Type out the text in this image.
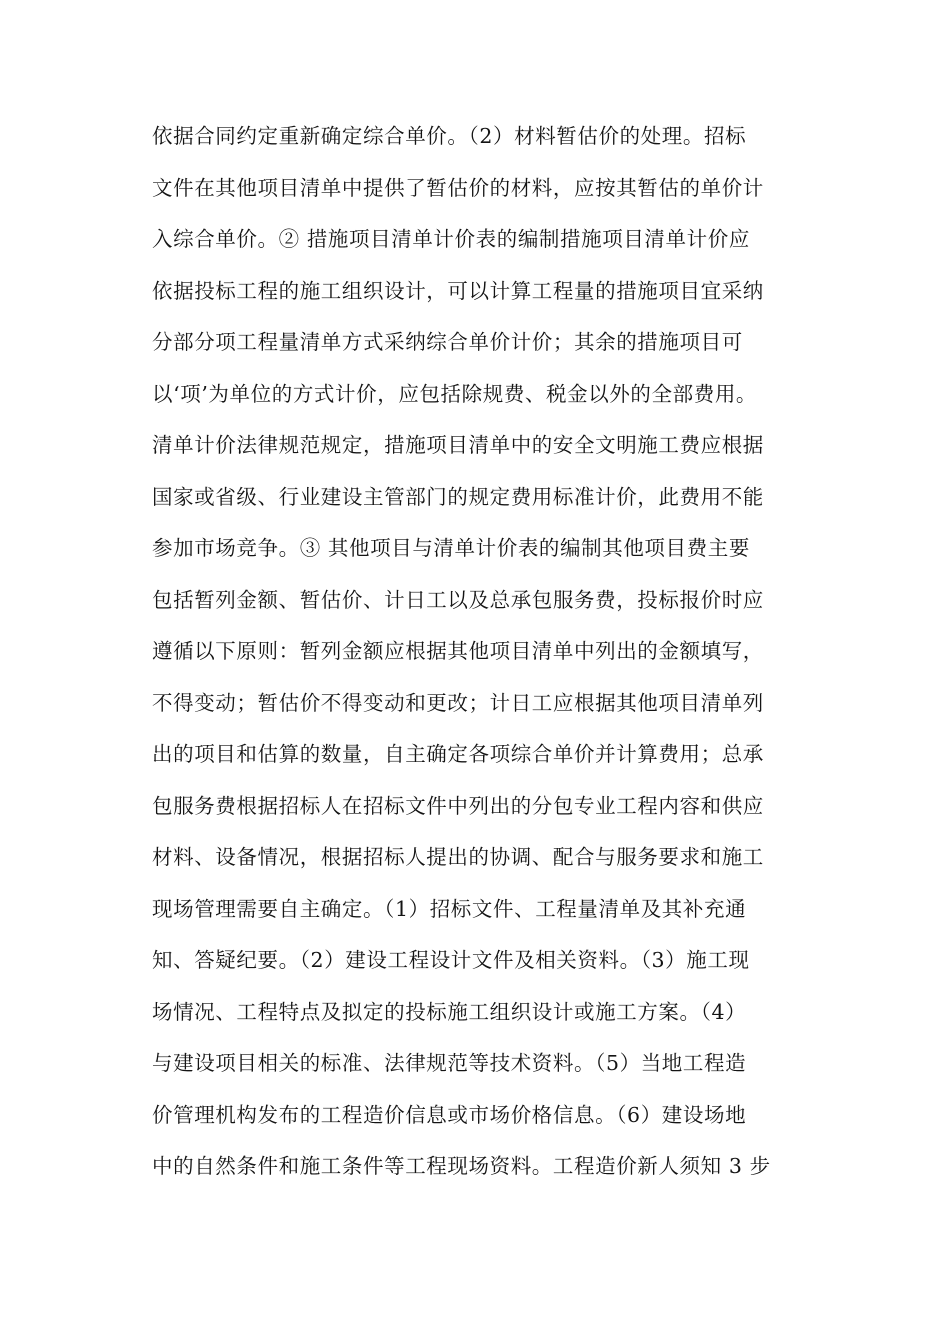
依据合同约定重新确定综合单价。（2）材料暂估价的处理。招标
文件在其他项目清单中提供了暂估价的材料，应按其暂估的单价计
入综合单价。② 措施项目清单计价表的编制措施项目清单计价应
依据投标工程的施工组织设计，可以计算工程量的措施项目宜采纳
分部分项工程量清单方式采纳综合单价计价；其余的措施项目可
以‘项’为单位的方式计价，应包括除规费、税金以外的全部费用。
清单计价法律规范规定，措施项目清单中的安全文明施工费应根据
国家或省级、行业建设主管部门的规定费用标准计价，此费用不能
参加市场竞争。③ 其他项目与清单计价表的编制其他项目费主要
包括暂列金额、暂估价、计日工以及总承包服务费，投标报价时应
遵循以下原则：暂列金额应根据其他项目清单中列出的金额填写，
不得变动；暂估价不得变动和更改；计日工应根据其他项目清单列
出的项目和估算的数量，自主确定各项综合单价并计算费用；总承
包服务费根据招标人在招标文件中列出的分包专业工程内容和供应
材料、设备情况，根据招标人提出的协调、配合与服务要求和施工
现场管理需要自主确定。（1）招标文件、工程量清单及其补充通
知、答疑纪要。（2）建设工程设计文件及相关资料。（3）施工现
场情况、工程特点及拟定的投标施工组织设计或施工方案。（4）
与建设项目相关的标准、法律规范等技术资料。（5）当地工程造
价管理机构发布的工程造价信息或市场价格信息。（6）建设场地
中的自然条件和施工条件等工程现场资料。工程造价新人须知 3 步
